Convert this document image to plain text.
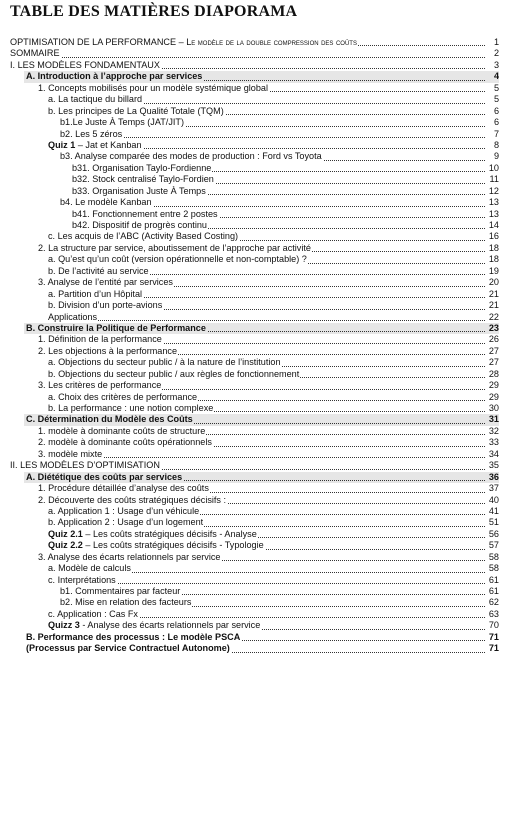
TABLE DES MATIÈRES DIAPORAMA
OPTIMISATION DE LA PERFORMANCE – Le modèle de la double compression des coûts	1
SOMMAIRE	2
I. LES MODÈLES FONDAMENTAUX	3
A. Introduction à l’approche par services	4
1. Concepts mobilisés pour un modèle systémique global	5
a. La tactique du billard	5
b. Les principes de La Qualité Totale (TQM)	6
b1.Le Juste À Temps (JAT/JIT)	6
b2. Les 5 zéros	7
Quiz 1 – Jat et Kanban	8
b3. Analyse comparée des modes de production : Ford vs Toyota	9
b31. Organisation Taylo-Fordienne	10
b32. Stock centralisé Taylo-Fordien	11
b33. Organisation Juste À Temps	12
b4. Le modèle Kanban	13
b41. Fonctionnement entre 2 postes	13
b42. Dispositif de progrès continu	14
c. Les acquis de l’ABC (Activity Based Costing)	16
2. La structure par service, aboutissement de l’approche par activité	18
a. Qu’est qu’un coût (version opérationnelle et non-comptable) ?	18
b. De l’activité au service	19
3. Analyse de l’entité par services	20
a. Partition d’un Hôpital	21
b. Division d’un porte-avions	21
Applications	22
B. Construire la Politique de Performance	23
1. Définition de la performance	26
2. Les objections à la performance	27
a. Objections du secteur public / à la nature de l’institution	27
b. Objections du secteur public / aux règles de fonctionnement	28
3. Les critères de performance	29
a. Choix des critères de performance	29
b. La performance : une notion complexe	30
C. Détermination du Modèle des Coûts	31
1. modèle à dominante coûts de structure	32
2. modèle à dominante coûts opérationnels	33
3. modèle mixte	34
II. LES MODÈLES D’OPTIMISATION	35
A. Diététique des coûts par services	36
1. Procédure détaillée d’analyse des coûts	37
2. Découverte des coûts stratégiques décisifs :	40
a. Application 1 : Usage d’un véhicule	41
b. Application 2 : Usage d’un logement	51
Quiz 2.1 – Les coûts stratégiques décisifs - Analyse	56
Quiz 2.2 – Les coûts stratégiques décisifs - Typologie	57
3. Analyse des écarts relationnels par service	58
a. Modèle de calculs	58
c. Interprétations	61
b1. Commentaires par facteur	61
b2. Mise en relation des facteurs	62
c. Application : Cas Fx	63
Quizz 3 - Analyse des écarts relationnels par service	70
B. Performance des processus : Le modèle PSCA	71
(Processus par Service Contractuel Autonome)	71
